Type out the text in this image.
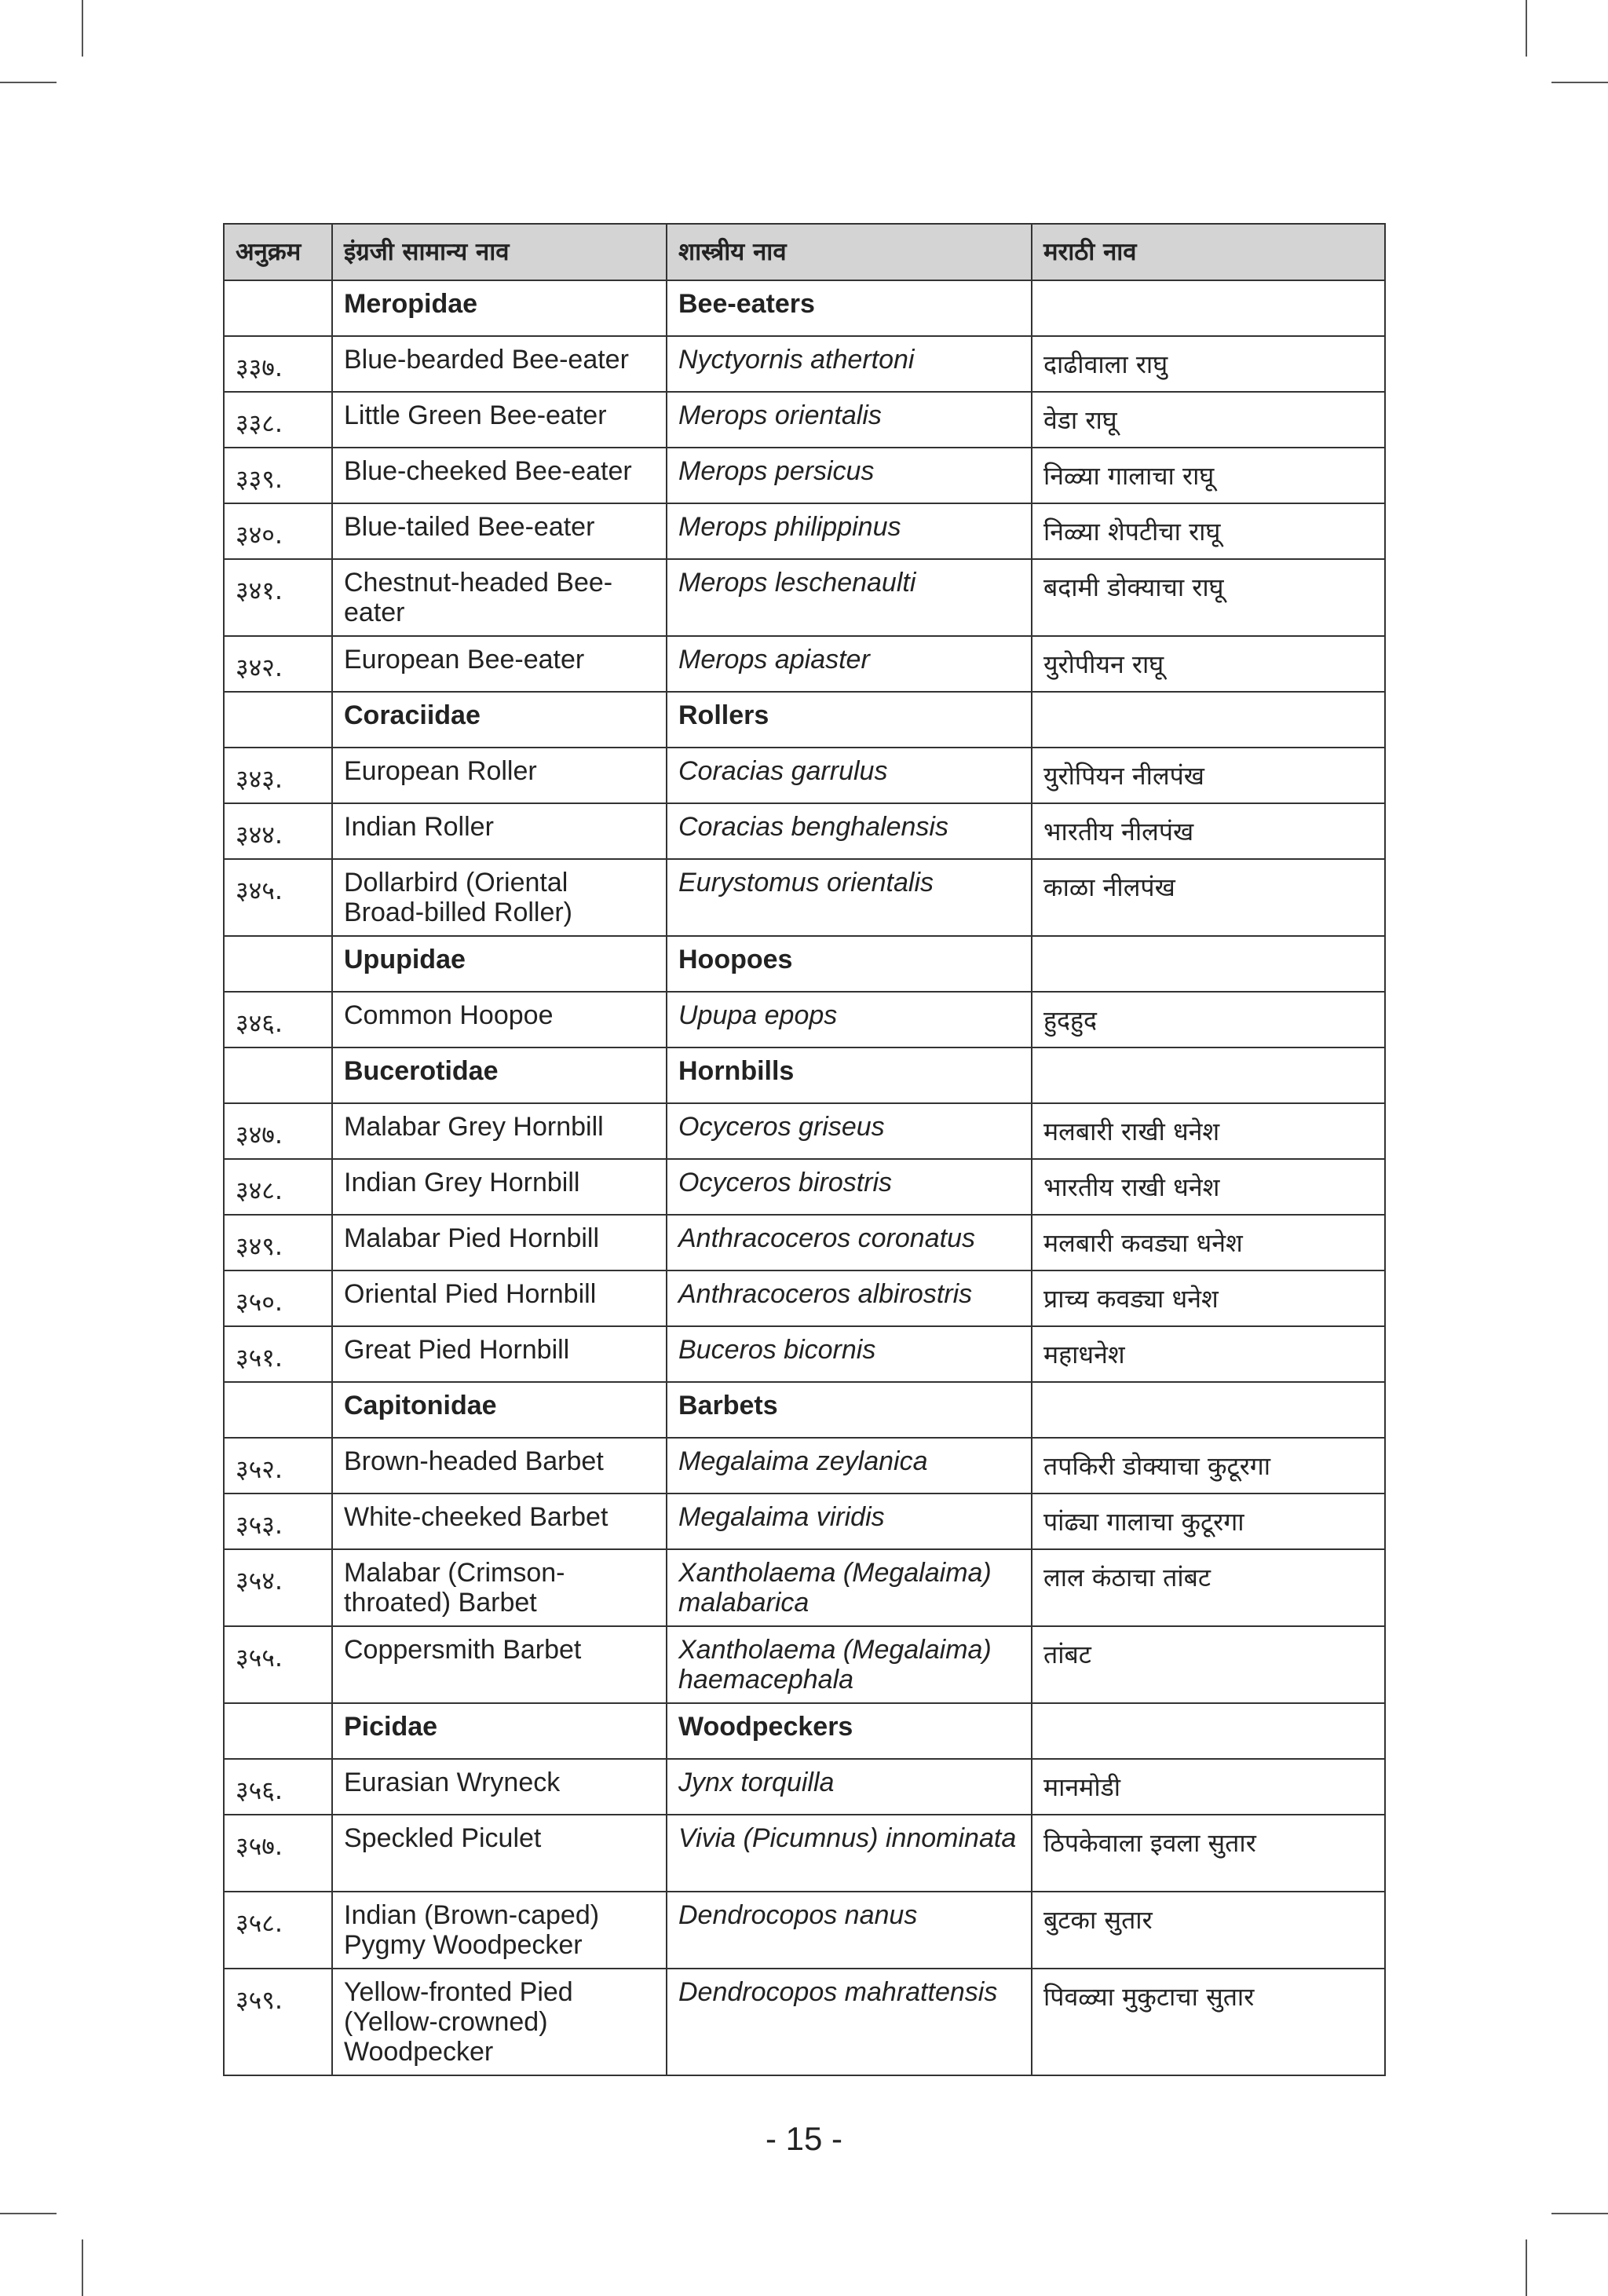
अनुक्रम	इंग्रजी सामान्य नाव	शास्त्रीय नाव	मराठी नाव
	Meropidae	Bee-eaters	
३३७.	Blue-bearded Bee-eater	Nyctyornis athertoni	दाढीवाला राघु
३३८.	Little Green Bee-eater	Merops orientalis	वेडा राघू
३३९.	Blue-cheeked Bee-eater	Merops persicus	निळ्या गालाचा राघू
३४०.	Blue-tailed Bee-eater	Merops philippinus	निळ्या शेपटीचा राघू
३४१.	Chestnut-headed Bee-eater	Merops leschenaulti	बदामी डोक्याचा राघू
३४२.	European Bee-eater	Merops apiaster	युरोपीयन राघू
	Coraciidae	Rollers	
३४३.	European Roller	Coracias garrulus	युरोपियन नीलपंख
३४४.	Indian Roller	Coracias benghalensis	भारतीय नीलपंख
३४५.	Dollarbird (Oriental Broad-billed Roller)	Eurystomus orientalis	काळा नीलपंख
	Upupidae	Hoopoes	
३४६.	Common Hoopoe	Upupa epops	हुदहुद
	Bucerotidae	Hornbills	
३४७.	Malabar Grey Hornbill	Ocyceros griseus	मलबारी राखी धनेश
३४८.	Indian Grey Hornbill	Ocyceros birostris	भारतीय राखी धनेश
३४९.	Malabar Pied Hornbill	Anthracoceros coronatus	मलबारी कवड्या धनेश
३५०.	Oriental Pied Hornbill	Anthracoceros albirostris	प्राच्य कवड्या धनेश
३५१.	Great Pied Hornbill	Buceros bicornis	महाधनेश
	Capitonidae	Barbets	
३५२.	Brown-headed Barbet	Megalaima zeylanica	तपकिरी डोक्याचा कुटूरगा
३५३.	White-cheeked Barbet	Megalaima viridis	पांढ्या गालाचा कुटूरगा
३५४.	Malabar (Crimson-throated) Barbet	Xantholaema (Megalaima) malabarica	लाल कंठाचा तांबट
३५५.	Coppersmith Barbet	Xantholaema (Megalaima) haemacephala	तांबट
	Picidae	Woodpeckers	
३५६.	Eurasian Wryneck	Jynx torquilla	मानमोडी
३५७.	Speckled Piculet	Vivia (Picumnus) innominata	ठिपकेवाला इवला सुतार
३५८.	Indian (Brown-caped) Pygmy Woodpecker	Dendrocopos nanus	बुटका सुतार
३५९.	Yellow-fronted Pied (Yellow-crowned) Woodpecker	Dendrocopos mahrattensis	पिवळ्या मुकुटाचा सुतार
- 15 -
